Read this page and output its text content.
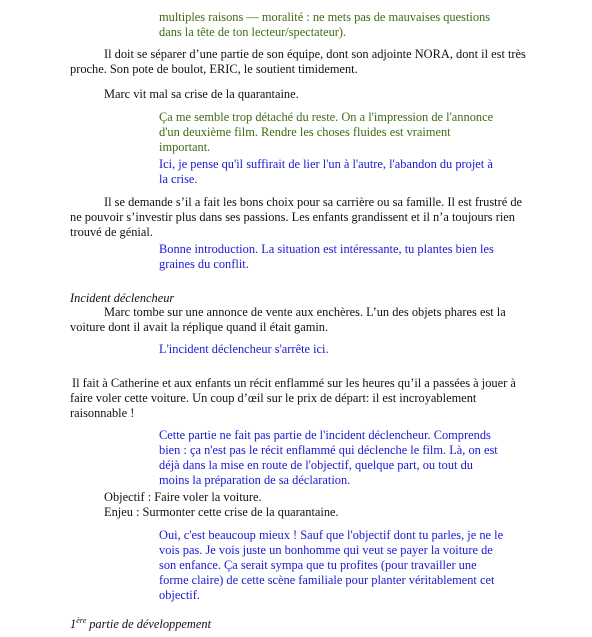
multiples raisons — moralité : ne mets pas de mauvaises questions
dans la tête de ton lecteur/spectateur).
Il doit se séparer d’une partie de son équipe, dont son adjointe NORA, dont il est très
proche. Son pote de boulot, ERIC, le soutient timidement.
Marc vit mal sa crise de la quarantaine.
Ça me semble trop détaché du reste. On a l'impression de l'annonce
d'un deuxième film. Rendre les choses fluides est vraiment
important.
Ici, je pense qu'il suffirait de lier l'un à l'autre, l'abandon du projet à
la crise.
Il se demande s’il a fait les bons choix pour sa carrière ou sa famille. Il est frustré de
ne pouvoir s’investir plus dans ses passions. Les enfants grandissent et il n’a toujours rien
trouvé de génial.
Bonne introduction. La situation est intéressante, tu plantes bien les
graines du conflit.
Incident déclencheur
Marc tombe sur une annonce de vente aux enchères. L’un des objets phares est la
voiture dont il avait la réplique quand il était gamin.
L'incident déclencheur s'arrête ici.
Il fait à Catherine et aux enfants un récit enflammé sur les heures qu’il a passées à jouer à
faire voler cette voiture. Un coup d’œil sur le prix de départ: il est incroyablement
raisonnable !
Cette partie ne fait pas partie de l'incident déclencheur. Comprends
bien : ça n'est pas le récit enflammé qui déclenche le film. Là, on est
déjà dans la mise en route de l'objectif, quelque part, ou tout du
moins la préparation de sa déclaration.
Objectif : Faire voler la voiture.
Enjeu : Surmonter cette crise de la quarantaine.
Oui, c'est beaucoup mieux ! Sauf que l'objectif dont tu parles, je ne le
vois pas. Je vois juste un bonhomme qui veut se payer la voiture de
son enfance. Ça serait sympa que tu profites (pour travailler une
forme claire) de cette scène familiale pour planter véritablement cet
objectif.
1ère partie de développement
